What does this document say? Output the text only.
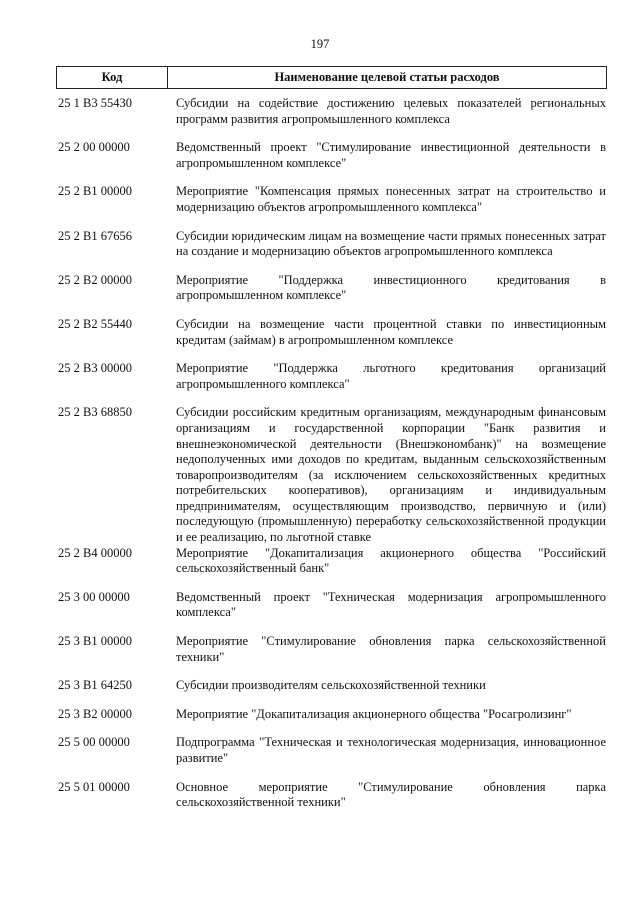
197
Код	Наименование целевой статьи расходов
25 1 B3 55430	Субсидии на содействие достижению целевых показателей региональных программ развития агропромышленного комплекса
25 2 00 00000	Ведомственный проект "Стимулирование инвестиционной деятельности в агропромышленном комплексе"
25 2 B1 00000	Мероприятие "Компенсация прямых понесенных затрат на строительство и модернизацию объектов агропромышленного комплекса"
25 2 B1 67656	Субсидии юридическим лицам на возмещение части прямых понесенных затрат на создание и модернизацию объектов агропромышленного комплекса
25 2 B2 00000	Мероприятие "Поддержка инвестиционного кредитования в агропромышленном комплексе"
25 2 B2 55440	Субсидии на возмещение части процентной ставки по инвестиционным кредитам (займам) в агропромышленном комплексе
25 2 B3 00000	Мероприятие "Поддержка льготного кредитования организаций агропромышленного комплекса"
25 2 B3 68850	Субсидии российским кредитным организациям, международным финансовым организациям и государственной корпорации "Банк развития и внешнеэкономической деятельности (Внешэкономбанк)" на возмещение недополученных ими доходов по кредитам, выданным сельскохозяйственным товаропроизводителям (за исключением сельскохозяйственных кредитных потребительских кооперативов), организациям и индивидуальным предпринимателям, осуществляющим производство, первичную и (или) последующую (промышленную) переработку сельскохозяйственной продукции и ее реализацию, по льготной ставке
25 2 B4 00000	Мероприятие "Докапитализация акционерного общества "Российский сельскохозяйственный банк"
25 3 00 00000	Ведомственный проект "Техническая модернизация агропромышленного комплекса"
25 3 B1 00000	Мероприятие "Стимулирование обновления парка сельскохозяйственной техники"
25 3 B1 64250	Субсидии производителям сельскохозяйственной техники
25 3 B2 00000	Мероприятие "Докапитализация акционерного общества "Росагролизинг"
25 5 00 00000	Подпрограмма "Техническая и технологическая модернизация, инновационное развитие"
25 5 01 00000	Основное мероприятие "Стимулирование обновления парка сельскохозяйственной техники"
